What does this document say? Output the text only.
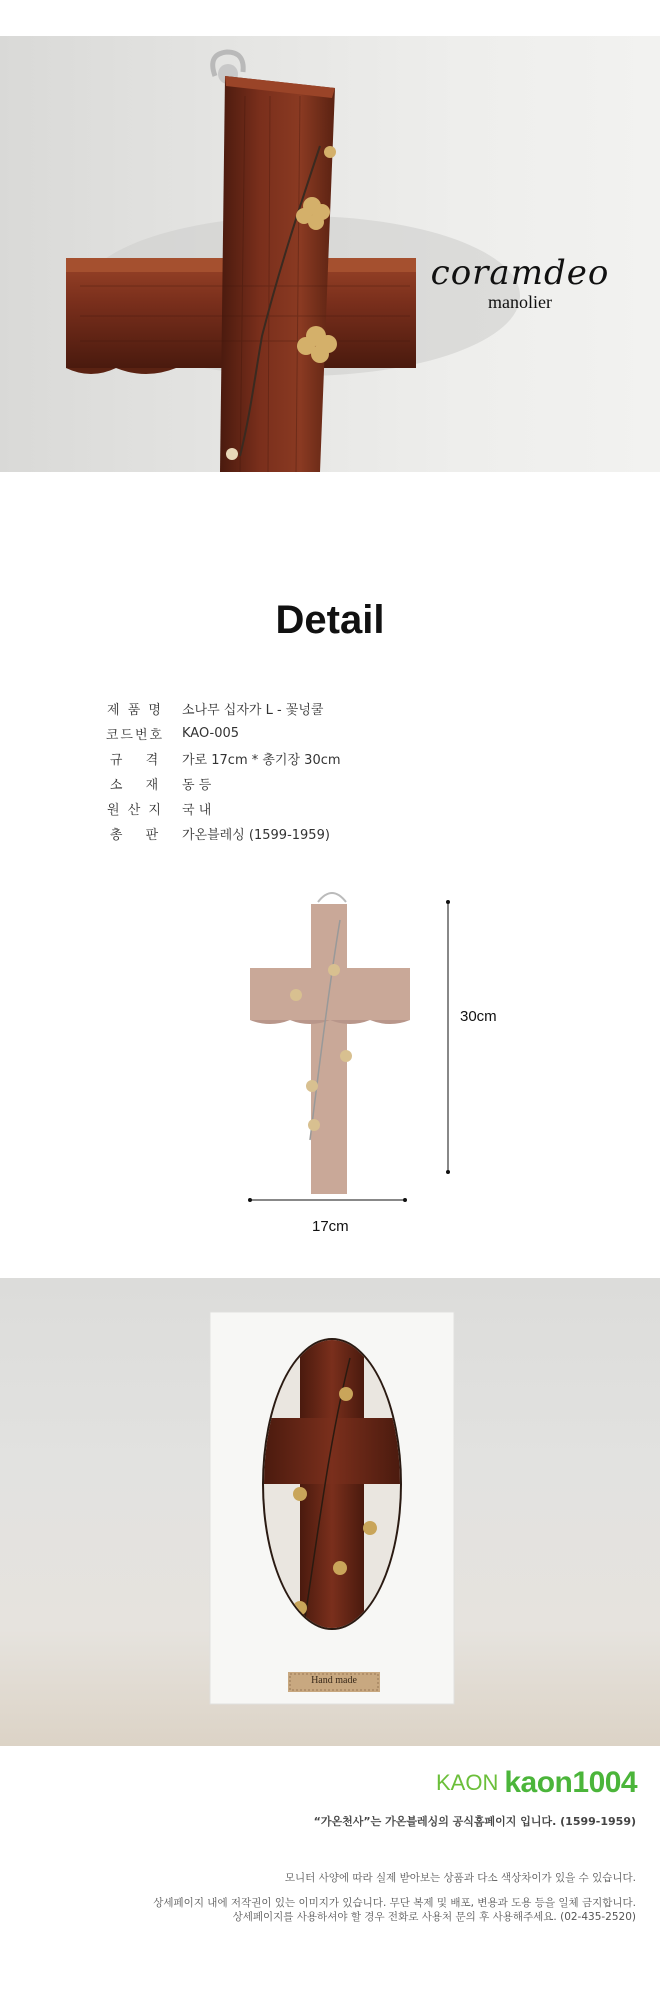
coramdeo
manolier
Detail
제 품 명	소나무 십자가 L - 꽃넝쿨
코드번호	KAO-005
규　 격	가로 17cm * 총기장 30cm
소　 재	동 등
원 산 지	국 내
총　 판	가온블레싱 (1599-1959)
30cm
17cm
Hand made
KAON kaon1004
“가온천사”는 가온블레싱의 공식홈페이지 입니다. (1599-1959)
모니터 사양에 따라 실제 받아보는 상품과 다소 색상차이가 있을 수 있습니다.
상세페이지 내에 저작권이 있는 이미지가 있습니다. 무단 복제 및 배포, 변용과 도용 등을 일체 금지합니다.
상세페이지를 사용하셔야 할 경우 전화로 사용처 문의 후 사용해주세요. (02-435-2520)
